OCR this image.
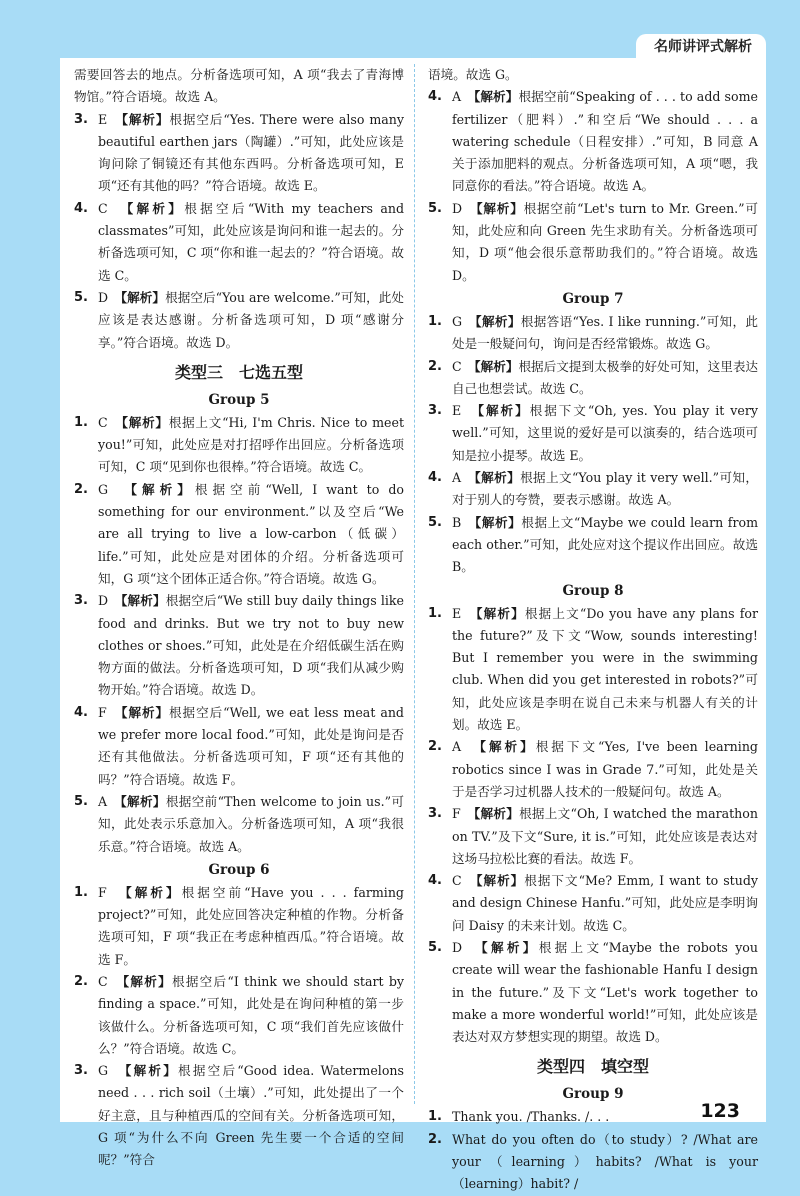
名师讲评式解析
需要回答去的地点。分析备选项可知，A 项“我去了青海博物馆。”符合语境。故选 A。
3. E　 【解析】根据空后“Yes. There were also many beautiful earthen jars（陶罐）.”可知，此处应该是询问除了铜镜还有其他东西吗。分析备选项可知，E 项“还有其他的吗？”符合语境。故选 E。
4. C　 【解析】根据空后“With my teachers and classmates”可知，此处应该是询问和谁一起去的。分析备选项可知，C 项“你和谁一起去的？”符合语境。故选 C。
5. D　 【解析】根据空后“You are welcome.”可知，此处应该是表达感谢。分析备选项可知，D 项“感谢分享。”符合语境。故选 D。
类型三　七选五型
Group 5
1. C　 【解析】根据上文“Hi, I'm Chris. Nice to meet you!”可知，此处应是对打招呼作出回应。分析备选项可知，C 项“见到你也很棒。”符合语境。故选 C。
2. G　 【解析】根据空前“Well, I want to do something for our environment.”以及空后“We are all trying to live a low-carbon（低碳）life.”可知，此处应是对团体的介绍。分析备选项可知，G 项“这个团体正适合你。”符合语境。故选 G。
3. D　 【解析】根据空后“We still buy daily things like food and drinks. But we try not to buy new clothes or shoes.”可知，此处是在介绍低碳生活在购物方面的做法。分析备选项可知，D 项“我们从减少购物开始。”符合语境。故选 D。
4. F　 【解析】根据空后“Well, we eat less meat and we prefer more local food.”可知，此处是询问是否还有其他做法。分析备选项可知，F 项“还有其他的吗？”符合语境。故选 F。
5. A　 【解析】根据空前“Then welcome to join us.”可知，此处表示乐意加入。分析备选项可知，A 项“我很乐意。”符合语境。故选 A。
Group 6
1. F　 【解析】根据空前“Have you . . . farming project?”可知，此处应回答决定种植的作物。分析备选项可知，F 项“我正在考虑种植西瓜。”符合语境。故选 F。
2. C　 【解析】根据空后“I think we should start by finding a space.”可知，此处是在询问种植的第一步该做什么。分析备选项可知，C 项“我们首先应该做什么？”符合语境。故选 C。
3. G　 【解析】根据空后“Good idea. Watermelons need . . . rich soil（土壤）.”可知，此处提出了一个好主意，且与种植西瓜的空间有关。分析备选项可知，G 项“为什么不向 Green 先生要一个合适的空间呢？”符合
语境。故选 G。
4. A　 【解析】根据空前“Speaking of . . . to add some fertilizer（肥料）.”和空后“We should . . . a watering schedule（日程安排）.”可知，B 同意 A 关于添加肥料的观点。分析备选项可知，A 项“嗯，我同意你的看法。”符合语境。故选 A。
5. D　 【解析】根据空前“Let's turn to Mr. Green.”可知，此处应和向 Green 先生求助有关。分析备选项可知，D 项“他会很乐意帮助我们的。”符合语境。故选 D。
Group 7
1. G　 【解析】根据答语“Yes. I like running.”可知，此处是一般疑问句，询问是否经常锻炼。故选 G。
2. C　 【解析】根据后文提到太极拳的好处可知，这里表达自己也想尝试。故选 C。
3. E　 【解析】根据下文“Oh, yes. You play it very well.”可知，这里说的爱好是可以演奏的，结合选项可知是拉小提琴。故选 E。
4. A　 【解析】根据上文“You play it very well.”可知，对于别人的夸赞，要表示感谢。故选 A。
5. B　 【解析】根据上文“Maybe we could learn from each other.”可知，此处应对这个提议作出回应。故选 B。
Group 8
1. E　 【解析】根据上文“Do you have any plans for the future?”及下文“Wow, sounds interesting! But I remember you were in the swimming club. When did you get interested in robots?”可知，此处应该是李明在说自己未来与机器人有关的计划。故选 E。
2. A　 【解析】根据下文“Yes, I've been learning robotics since I was in Grade 7.”可知，此处是关于是否学习过机器人技术的一般疑问句。故选 A。
3. F　 【解析】根据上文“Oh, I watched the marathon on TV.”及下文“Sure, it is.”可知，此处应该是表达对这场马拉松比赛的看法。故选 F。
4. C　 【解析】根据下文“Me? Emm, I want to study and design Chinese Hanfu.”可知，此处应是李明询问 Daisy 的未来计划。故选 C。
5. D　 【解析】根据上文“Maybe the robots you create will wear the fashionable Hanfu I design in the future.”及下文“Let's work together to make a more wonderful world!”可知，此处应该是表达对双方梦想实现的期望。故选 D。
类型四　填空型
Group 9
1. Thank you. /Thanks. /. . .
2. What do you often do（to study）? /What are your（learning）habits? /What is your（learning）habit? /
123
